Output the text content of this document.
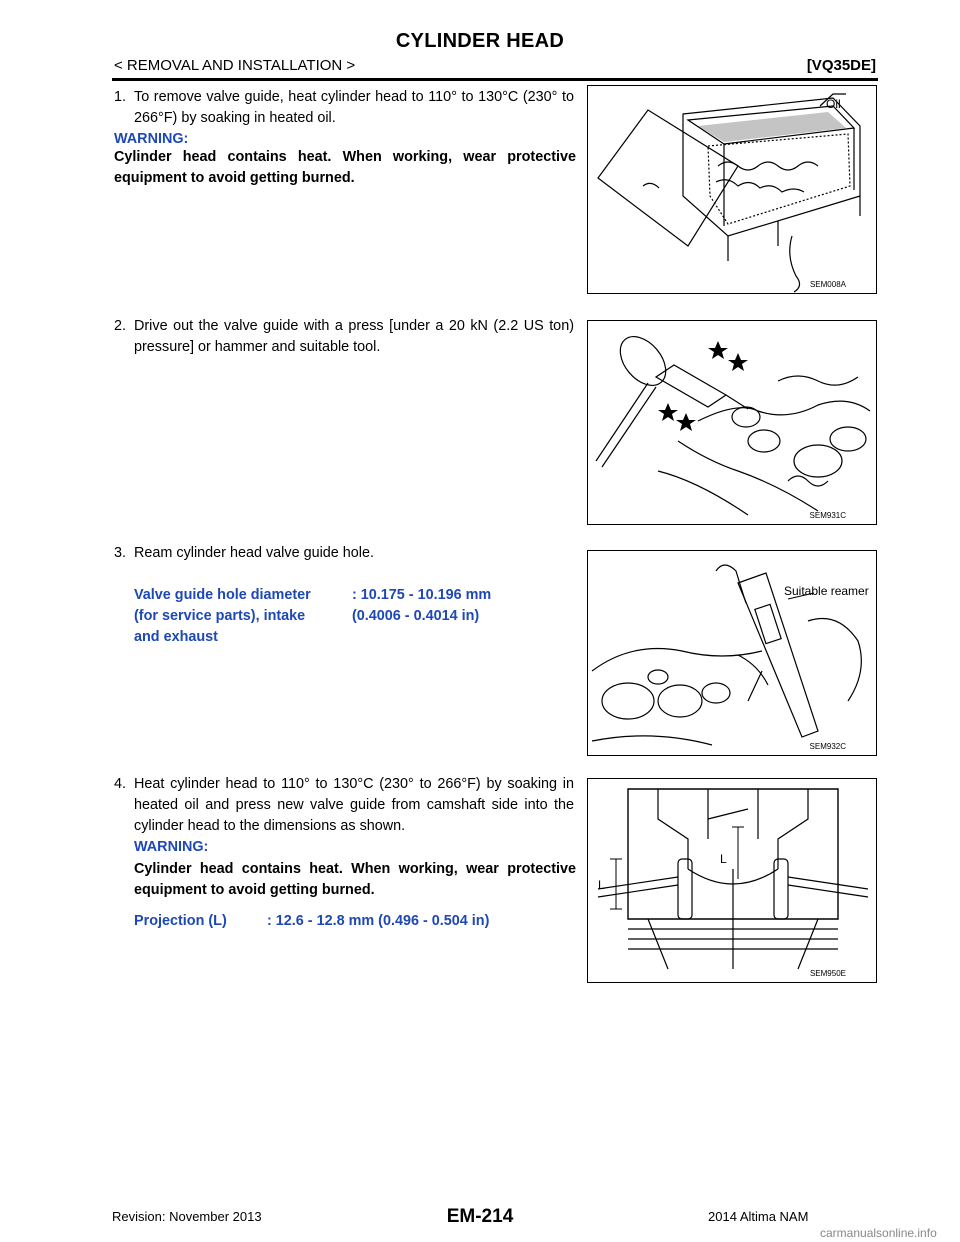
CYLINDER HEAD
< REMOVAL AND INSTALLATION >	[VQ35DE]
1. To remove valve guide, heat cylinder head to 110° to 130°C (230° to 266°F) by soaking in heated oil.
WARNING:
Cylinder head contains heat. When working, wear protective equipment to avoid getting burned.
Oil
SEM008A
2. Drive out the valve guide with a press [under a 20 kN (2.2 US ton) pressure] or hammer and suitable tool.
SEM931C
3. Ream cylinder head valve guide hole.
Valve guide hole diameter (for service parts), intake and exhaust
: 10.175 - 10.196 mm (0.4006 - 0.4014 in)
Suitable reamer
SEM932C
4. Heat cylinder head to 110° to 130°C (230° to 266°F) by soaking in heated oil and press new valve guide from camshaft side into the cylinder head to the dimensions as shown.
WARNING:
Cylinder head contains heat. When working, wear protective equipment to avoid getting burned.
Projection (L)	: 12.6 - 12.8 mm (0.496 - 0.504 in)
L
L
SEM950E
Revision: November 2013	EM-214	2014 Altima NAM
carmanualsonline.info
